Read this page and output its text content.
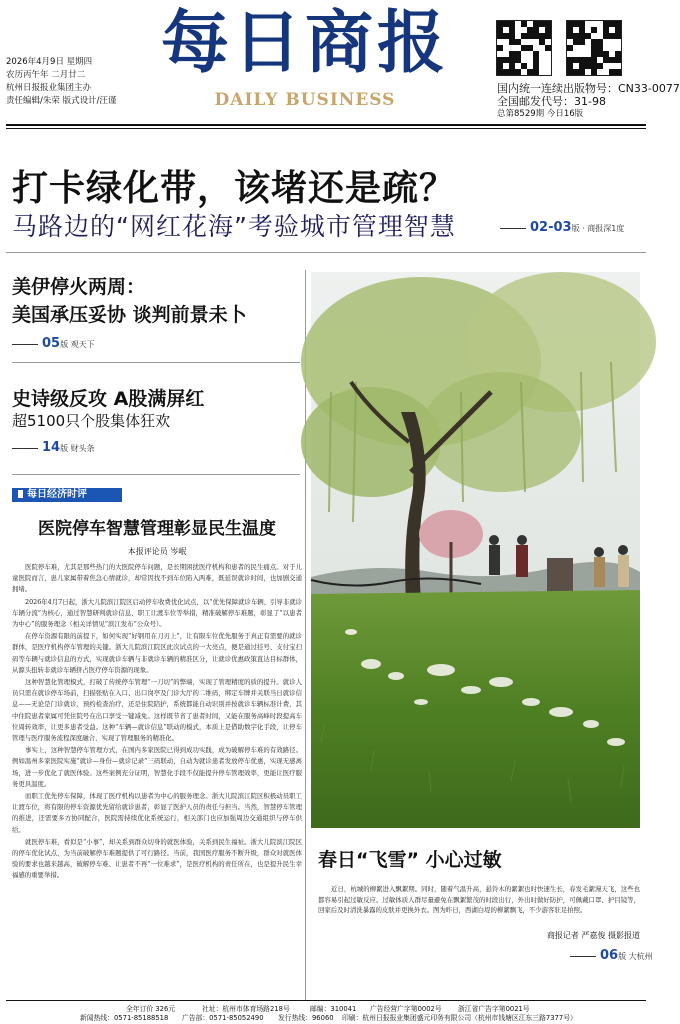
2026年4月9日 星期四
农历丙午年 二月廿二
杭州日报报业集团主办
责任编辑/朱荣 版式设计/汪谨
每日商报
DAILY BUSINESS
国内统一连续出版物号：CN33-0077
全国邮发代号：31-98
总第8529期 今日16版
打卡绿化带，该堵还是疏？
马路边的“网红花海”考验城市管理智慧	02-03版 · 商报深1度
美伊停火两周：
美国承压妥协 谈判前景未卜
05版 观天下
史诗级反攻 A股满屏红
超5100只个股集体狂欢
14版 财头条
每日经济时评
医院停车智慧管理彰显民生温度
本报评论员 岑岷

医院停车难，尤其是那些热门的大医院停车问题，是长期困扰医疗机构和患者的民生痛点。对于儿童医院而言，患儿家属带着焦急心情就诊，却常因找不到车位陷入两难，既延误就诊时间，也加剧交通拥堵。

2026年4月7日起，浙大儿院滨江院区启动停车收费优化试点，以“优先保障就诊车辆、引导非就诊车辆分流”为核心，通过智慧研判就诊信息、职工让渡车位等举措，精准破解停车难题，彰显了“以患者为中心”的服务理念（相关详情见“滨江发布”公众号）。

在停车资源有限的前提下，如何实现“好钢用在刀刃上”，让有限车位优先服务于真正有需要的就诊群体，是医疗机构停车管理的关键。浙大儿院滨江院区此次试点的一大亮点，便是通过挂号、支付宝扫码等车辆与就诊信息的方式，实现就诊车辆与非就诊车辆的精准区分，让就诊优惠政策直达目标群体，从源头扭转非就诊车辆挤占医疗停车资源的现象。

这种智慧化管理模式，打破了传统停车管理“一刀切”的弊端，实现了管理精度的质的提升。就诊人员只需在就诊停车场前，扫描张贴在入口、出口岗亭及门诊大厅的二维码，绑定车牌并关联当日就诊信息——无论是门诊就诊、预约检查治疗，还是住院陪护，系统都能自动识别并按就诊车辆标准计费，其中住院患者家属可凭住院号在出口享受一键减免。这样既节省了患者时间，又能在服务高峰时段提高车位周转效率，让更多患者受益。这种“车辆—就诊信息”联动的模式，本质上是借助数字化手段，让停车管理与医疗服务流程深度融合，实现了管理服务的精准化。

事实上，这种智慧停车管理方式，在国内多家医院已得到成功实践，成为破解停车难的有效路径。例如温州多家医院实施“就诊—身份—就诊记录”三码联动，自动为就诊患者发放停车优惠，实现无感离场，进一步优化了就医体验。这些案例充分证明，智慧化手段不仅能提升停车管理效率，更能让医疗服务更具温度。

而职工优先停车保障，体现了医疗机构以患者为中心的服务理念。浙大儿院滨江院区积极动员职工让渡车位，将有限的停车资源优先留给就诊患者，彰显了医护人员的责任与担当。当然，智慧停车管理的推进，还需要多方协同配合，医院需持续优化系统运行，相关部门也应加强周边交通组织与停车供给。

就医停车难，看似是“小事”，却关系到群众切身的就医体验，关系到民生福祉。浙大儿院滨江院区的停车优化试点，为当前破解停车难题提供了可行路径。当前，我国医疗服务不断升级，群众对就医体验的要求也越来越高，破解停车难、让患者不再“一位难求”，是医疗机构的责任所在，也是提升民生幸福感的重要举措。

春日“飞雪” 小心过敏
近日，杭城的柳絮进入飘絮期。同时，随着气温升高，悬铃木的絮絮也时快速生长，春发毛絮漫天飞，这些也都容易引起过敏反应。过敏体质人群尽量避免在飘絮繁茂的时段出行，外出时做好防护，可佩戴口罩、护目镜等，回家后及时清洗暴露的皮肤并更换外衣。图为昨日，西湖白堤的柳絮飘飞，不少游客驻足拍照。
商报记者 严嘉俊 摄影报道
06版 大杭州
全年订价 326元	社址：杭州市体育场路218号	邮编：310041 广告经营广字第0002号 浙江省广告字第0021号
新闻热线：0571-85188518 广告部：0571-85052490 发行热线：96060 印刷：杭州日报报业集团盛元印务有限公司（杭州市钱塘区江东三路7377号）
